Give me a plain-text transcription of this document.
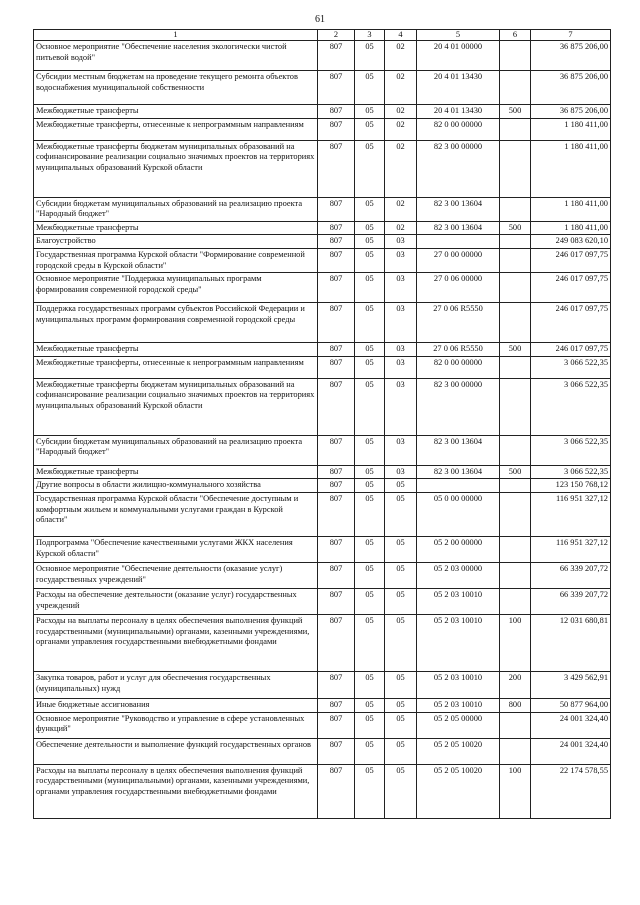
61
1	2	3	4	5	6	7
Основное мероприятие "Обеспечение населения экологически чистой питьевой водой"	807	05	02	20 4 01 00000		36 875 206,00
Субсидии местным бюджетам на проведение текущего ремонта объектов водоснабжения муниципальной собственности	807	05	02	20 4 01 13430		36 875 206,00
Межбюджетные трансферты	807	05	02	20 4 01 13430	500	36 875 206,00
Межбюджетные трансферты, отнесенные к непрограммным направлениям	807	05	02	82 0 00 00000		1 180 411,00
Межбюджетные трансферты бюджетам муниципальных образований на софинансирование реализации социально значимых проектов на территориях муниципальных образований Курской области	807	05	02	82 3 00 00000		1 180 411,00
Субсидии бюджетам муниципальных образований на реализацию проекта "Народный бюджет"	807	05	02	82 3 00 13604		1 180 411,00
Межбюджетные трансферты	807	05	02	82 3 00 13604	500	1 180 411,00
Благоустройство	807	05	03			249 083 620,10
Государственная программа Курской области "Формирование современной городской среды в Курской области"	807	05	03	27 0 00 00000		246 017 097,75
Основное мероприятие "Поддержка муниципальных программ формирования современной городской среды"	807	05	03	27 0 06 00000		246 017 097,75
Поддержка государственных программ субъектов Российской Федерации и муниципальных программ формирования современной городской среды	807	05	03	27 0 06 R5550		246 017 097,75
Межбюджетные трансферты	807	05	03	27 0 06 R5550	500	246 017 097,75
Межбюджетные трансферты, отнесенные к непрограммным направлениям	807	05	03	82 0 00 00000		3 066 522,35
Межбюджетные трансферты бюджетам муниципальных образований на софинансирование реализации социально значимых проектов на территориях муниципальных образований Курской области	807	05	03	82 3 00 00000		3 066 522,35
Субсидии бюджетам муниципальных образований на реализацию проекта "Народный бюджет"	807	05	03	82 3 00 13604		3 066 522,35
Межбюджетные трансферты	807	05	03	82 3 00 13604	500	3 066 522,35
Другие вопросы в области жилищно-коммунального хозяйства	807	05	05			123 150 768,12
Государственная программа Курской области "Обеспечение доступным и комфортным жильем и коммунальными услугами граждан в Курской области"	807	05	05	05 0 00 00000		116 951 327,12
Подпрограмма "Обеспечение качественными услугами ЖКХ населения Курской области"	807	05	05	05 2 00 00000		116 951 327,12
Основное мероприятие "Обеспечение деятельности (оказание услуг) государственных учреждений"	807	05	05	05 2 03 00000		66 339 207,72
Расходы на обеспечение деятельности (оказание услуг) государственных учреждений	807	05	05	05 2 03 10010		66 339 207,72
Расходы на выплаты персоналу в целях обеспечения выполнения функций государственными (муниципальными) органами, казенными учреждениями, органами управления государственными внебюджетными фондами	807	05	05	05 2 03 10010	100	12 031 680,81
Закупка товаров, работ и услуг для обеспечения государственных (муниципальных) нужд	807	05	05	05 2 03 10010	200	3 429 562,91
Иные бюджетные ассигнования	807	05	05	05 2 03 10010	800	50 877 964,00
Основное мероприятие "Руководство и управление в сфере установленных функций"	807	05	05	05 2 05 00000		24 001 324,40
Обеспечение деятельности и выполнение функций государственных органов	807	05	05	05 2 05 10020		24 001 324,40
Расходы на выплаты персоналу в целях обеспечения выполнения функций государственными (муниципальными) органами, казенными учреждениями, органами управления государственными внебюджетными фондами	807	05	05	05 2 05 10020	100	22 174 578,55
